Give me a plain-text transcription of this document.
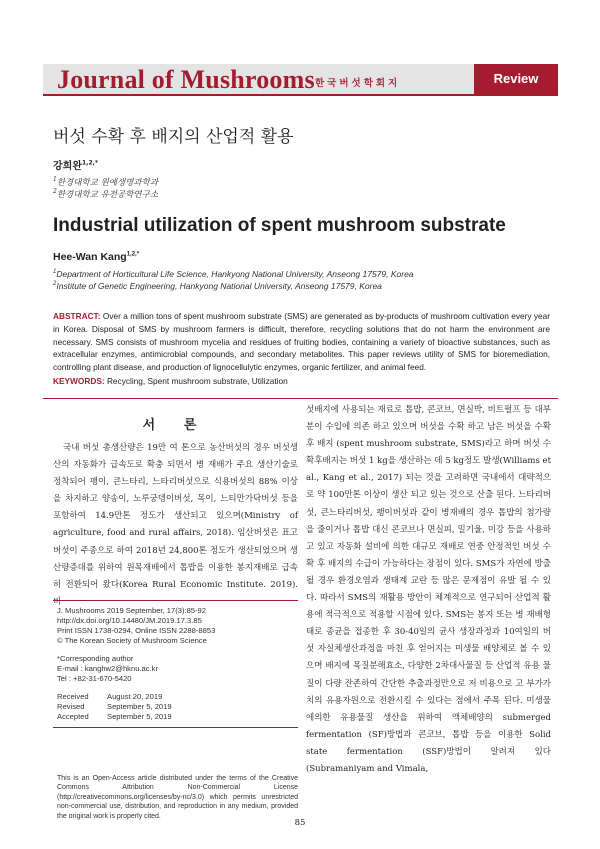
Journal of Mushrooms 한국버섯학회지	Review
버섯 수확 후 배지의 산업적 활용
강희완$^{1,2,*}$
$^1$한경대학교 원예생명과학과
$^2$한경대학교 유전공학연구소
Industrial utilization of spent mushroom substrate
Hee-Wan Kang$^{1,2,*}$
$^1$Department of Horticultural Life Science, Hankyong National University, Anseong 17579, Korea
$^2$Institute of Genetic Engineering, Hankyong National University, Anseong 17579, Korea
ABSTRACT: Over a million tons of spent mushroom substrate (SMS) are generated as by-products of mushroom cultivation every year in Korea. Disposal of SMS by mushroom farmers is difficult, therefore, recycling solutions that do not harm the environment are necessary. SMS consists of mushroom mycelia and residues of fruiting bodies, containing a variety of bioactive substances, such as extracellular enzymes, antimicrobial compounds, and secondary metabolites. This paper reviews utility of SMS for bioremediation, controlling plant disease, and production of lignocellulytic enzymes, organic fertilizer, and animal feed.
KEYWORDS: Recycling, Spent mushroom substrate, Utilization
서 론
국내 버섯 총생산량은 19만 여 톤으로 농산버섯의 경우 버섯생산의 자동화가 급속도로 확충 되면서 병 재배가 주요 생산기술로 정착되어 팽이, 큰느타리, 느타리버섯으로 식용버섯의 88% 이상을 차지하고 양송이, 노루궁뎅이버섯, 목이, 느티만가닥버섯 등을 포함하여 14.9만톤 정도가 생산되고 있으며(Ministry of agriculture, food and rural affairs, 2018). 임산버섯은 표고버섯이 주종으로 하여 2018년 24,800톤 정도가 생산되었으며 생산량증대를 위하여 원목재배에서 톱밥을 이용한 봉지재배로 급속히 전환되어 왔다(Korea Rural Economic Institute. 2019). 버
섯배지에 사용되는 재료로 톱밥, 콘코브, 면실박, 비트펄프 등 대부분이 수입에 의존 하고 있으며 버섯을 수확 하고 남은 버섯을 수확 후 배지 (spent mushroom substrate, SMS)라고 하며 버섯 수확후배지는 버섯 1 kg을 생산하는 데 5 kg정도 발생(Williams et al., Kang et al., 2017) 되는 것을 고려하면 국내에서 대략적으로 약 100만톤 이상이 생산 되고 있는 것으로 산출 된다. 느타리버섯, 큰느타리버섯, 팽이버섯과 같이 병재배의 경우 톱밥의 첨가량을 줄이거나 톱밥 대신 콘코브나 면실피, 밀기울, 미강 등을 사용하고 있고 자동화 설비에 의한 대규모 재배로 연중 안정적인 버섯 수확 후 배지의 수급이 가능하다는 장점이 있다. SMS가 자연에 방출 될 경우 환경오염과 생태계 교란 등 많은 문제점이 유발 될 수 있다. 따라서 SMS의 재활용 방안이 체계적으로 연구되어 산업적 활용에 적극적으로 적용할 시점에 있다. SMS는 봉지 또는 병 재배형태로 종균을 접종한 후 30-40일의 균사 생장과정과 10여일의 버섯 자실체생산과정을 마친 후 얻어지는 미생물 배양체로 볼 수 있으며 배지에 목질분해효소, 다양한 2차대사물질 등 산업적 유용 물질이 다량 잔존하여 간단한 추출과정만으로 저 비용으로 고 부가가치의 유용자원으로 전환시킬 수 있다는 점에서 주목 된다. 미생물에의한 유용물질 생산을 위하여 액체배양의 submerged fermentation (SF)방법과 콘코브, 톱밥 등을 이용한 Solid state fermentation (SSF)방법이 알려져 있다(Subramaniyam and Vimala,
J. Mushrooms 2019 September, 17(3):85-92
http://dx.doi.org/10.14480/JM.2019.17.3.85
Print ISSN 1738-0294, Online ISSN 2288-8853
© The Korean Society of Mushroom Science
*Corresponding author
E-mail : kanghw2@hknu.ac.kr
Tel : +82-31-670-5420
Received August 20, 2019
Revised	September 5, 2019
Accepted September 5, 2019
This is an Open-Access article distributed under the terms of the Creative Commons Attribution Non-Commercial License (http://creativecommons.org/licenses/by-nc/3.0) which permits unrestricted non-commercial use, distribution, and reproduction in any medium, provided the original work is properly cited.
85
